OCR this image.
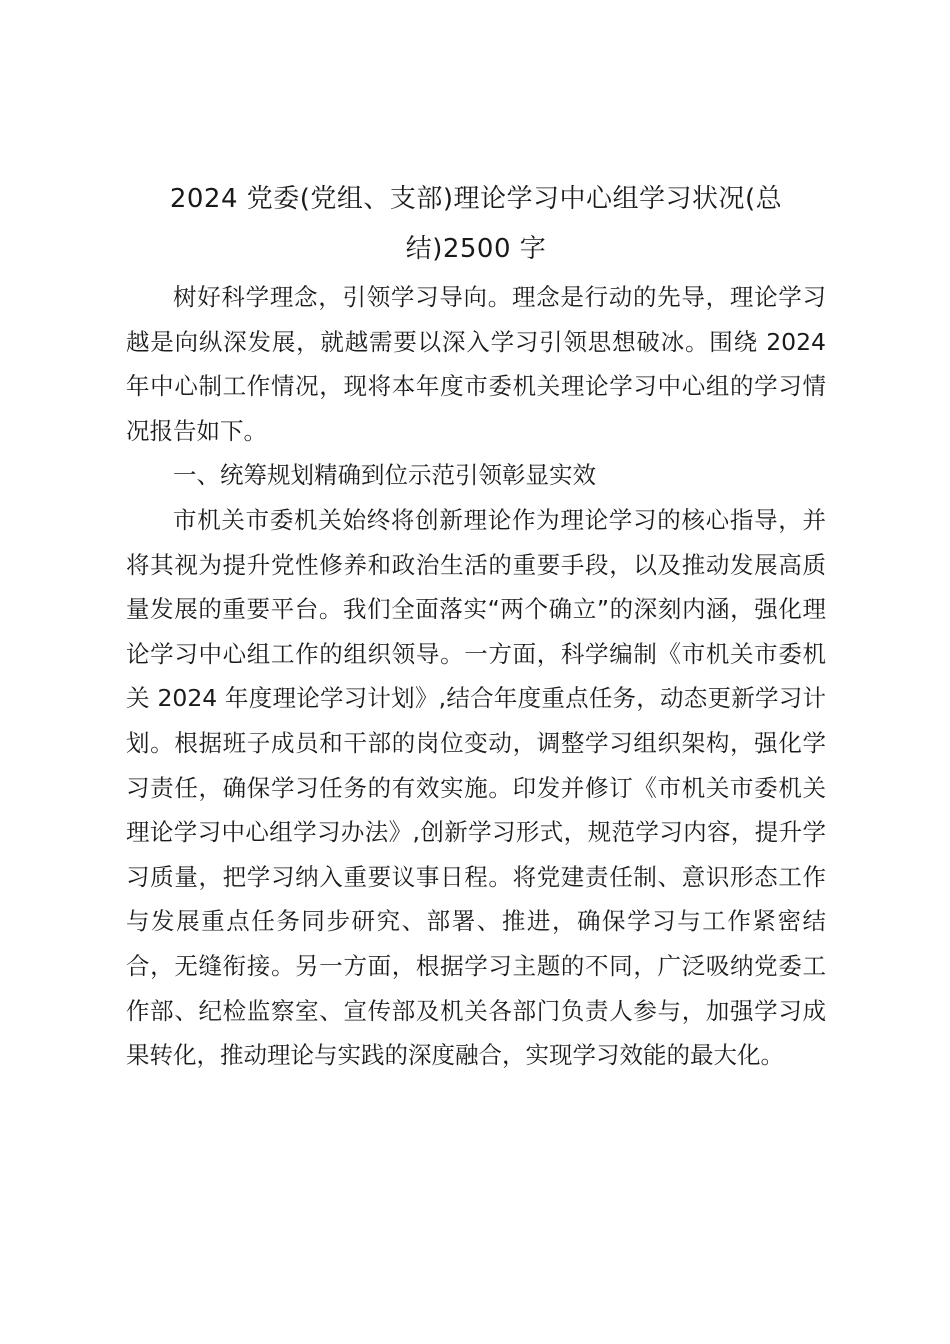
2024 党委(党组、支部)理论学习中心组学习状况(总
结)2500 字

树好科学理念，引领学习导向。理念是行动的先导，理论学习越是向纵深发展，就越需要以深入学习引领思想破冰。围绕 2024 年中心制工作情况，现将本年度市委机关理论学习中心组的学习情况报告如下。

一、统筹规划精确到位示范引领彰显实效

市机关市委机关始终将创新理论作为理论学习的核心指导，并将其视为提升党性修养和政治生活的重要手段，以及推动发展高质量发展的重要平台。我们全面落实“两个确立”的深刻内涵，强化理论学习中心组工作的组织领导。一方面，科学编制《市机关市委机关 2024 年度理论学习计划》,结合年度重点任务，动态更新学习计划。根据班子成员和干部的岗位变动，调整学习组织架构，强化学习责任，确保学习任务的有效实施。印发并修订《市机关市委机关理论学习中心组学习办法》,创新学习形式，规范学习内容，提升学习质量，把学习纳入重要议事日程。将党建责任制、意识形态工作与发展重点任务同步研究、部署、推进，确保学习与工作紧密结合，无缝衔接。另一方面，根据学习主题的不同，广泛吸纳党委工作部、纪检监察室、宣传部及机关各部门负责人参与，加强学习成果转化，推动理论与实践的深度融合，实现学习效能的最大化。
